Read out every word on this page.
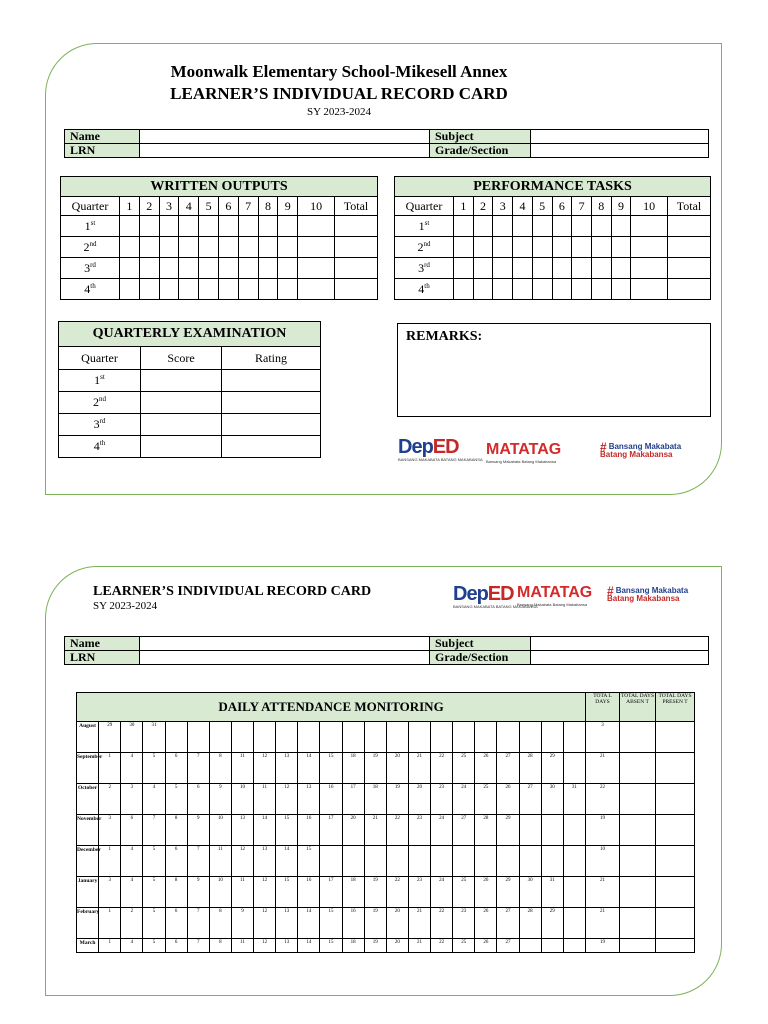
Moonwalk Elementary School-Mikesell Annex
LEARNER’S INDIVIDUAL RECORD CARD
SY 2023-2024
Name		Subject	
LRN		Grade/Section	
WRITTEN OUTPUTS											
Quarter	1	2	3	4	5	6	7	8	9	10	Total
1st											
2nd											
3rd											
4th											
PERFORMANCE TASKS											
Quarter	1	2	3	4	5	6	7	8	9	10	Total
1st											
2nd											
3rd											
4th											
QUARTERLY EXAMINATION		
Quarter	Score	Rating
1st		
2nd		
3rd		
4th		
REMARKS:
DepED
BANSANG MAKABATA BATANG MAKABANSA
MATATAG
Bansang Makabata Batang Makabansa
# Bansang Makabata
Batang Makabansa
LEARNER’S INDIVIDUAL RECORD CARD
SY 2023-2024
DepED
BANSANG MAKABATA BATANG MAKABANSA
MATATAG
Bansang Makabata Batang Makabansa
# Bansang Makabata
Batang Makabansa
Name		Subject	
LRN		Grade/Section	
DAILY ATTENDANCE MONITORING																							TOTA L DAYS	TOTAL DAYS ABSEN T	TOTAL DAYS PRESEN T
August	29	30	31																				3		
September	1	4	5	6	7	8	11	12	13	14	15	18	19	20	21	22	25	26	27	28	29		21		
October	2	3	4	5	6	9	10	11	12	13	16	17	18	19	20	23	24	25	26	27	30	31	22		
November	3	6	7	8	9	10	13	14	15	16	17	20	21	22	23	24	27	28	29				19		
December	1	4	5	6	7	11	12	13	14	15													10		
January	3	4	5	8	9	10	11	12	15	16	17	18	19	22	23	24	25	26	29	30	31		21		
February	1	2	5	6	7	8	9	12	13	14	15	16	19	20	21	22	23	26	27	28	29		21		
March	1	4	5	6	7	8	11	12	13	14	15	18	19	20	21	22	25	26	27				19		
